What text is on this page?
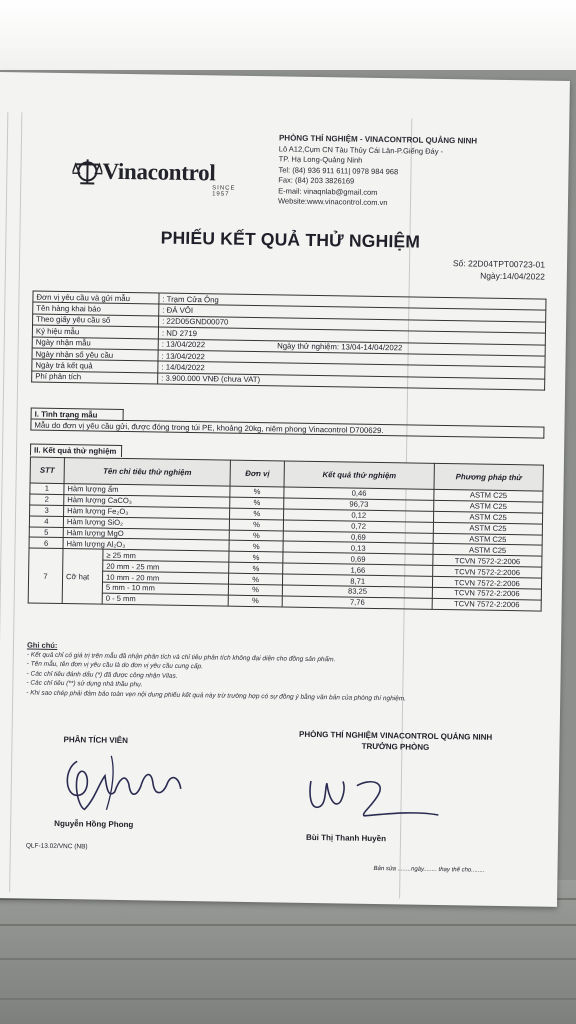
Vinacontrol
SINCE 1957
PHÒNG THÍ NGHIỆM - VINACONTROL QUẢNG NINH
Lô A12,Cụm CN Tàu Thủy Cái Lân-P.Giếng Đáy -
TP. Hạ Long-Quảng Ninh
Tel: (84) 936 911 611| 0978 984 968
Fax: (84) 203 3826169
E-mail: vinaqnlab@gmail.com
Website:www.vinacontrol.com.vn
PHIẾU KẾT QUẢ THỬ NGHIỆM
Số: 22D04TPT00723-01
Ngày:14/04/2022
Đơn vị yêu cầu và gửi mẫu	: Trạm Cửa Ông
Tên hàng khai báo	: ĐÁ VÔI
Theo giấy yêu cầu số	: 22D05GND00070
Ký hiệu mẫu	: ND 2719
Ngày nhận mẫu	: 13/04/2022 Ngày thử nghiệm: 13/04-14/04/2022
Ngày nhận số yêu cầu	: 13/04/2022
Ngày trả kết quả	: 14/04/2022
Phí phân tích	: 3.900.000 VNĐ (chưa VAT)
I. Tình trạng mẫu	
Mẫu do đơn vị yêu cầu gửi, được đóng trong túi PE, khoảng 20kg, niêm phong Vinacontrol D700629.
II. Kết quả thử nghiệm
STT	Tên chỉ tiêu thử nghiệm		Đơn vị	Kết quả thử nghiệm	Phương pháp thử
1	Hàm lượng ẩm		%	0,46	ASTM C25
2	Hàm lượng CaCO₃		%	96,73	ASTM C25
3	Hàm lượng Fe₂O₃		%	0,12	ASTM C25
4	Hàm lượng SiO₂		%	0,72	ASTM C25
5	Hàm lượng MgO		%	0,69	ASTM C25
6	Hàm lượng Al₂O₃		%	0,13	ASTM C25
7	Cỡ hạt	≥ 25 mm	%	0,69	TCVN 7572-2:2006
		20 mm - 25 mm	%	1,66	TCVN 7572-2:2006
		10 mm - 20 mm	%	8,71	TCVN 7572-2:2006
		5 mm - 10 mm	%	83,25	TCVN 7572-2:2006
		0 - 5 mm	%	7,76	TCVN 7572-2:2006
Ghi chú:
- Kết quả chỉ có giá trị trên mẫu đã nhận phân tích và chỉ tiêu phân tích không đại diện cho đồng sản phẩm.
- Tên mẫu, tên đơn vị yêu cầu là do đơn vị yêu cầu cung cấp.
- Các chỉ tiêu đánh dấu (*) đã được công nhận Vilas.
- Các chỉ tiêu (**) sử dụng nhà thầu phụ.
- Khi sao chép phải đảm bảo toàn vẹn nội dung phiếu kết quả này trừ trường hợp có sự đồng ý bằng văn bản của phòng thí nghiệm.
PHÂN TÍCH VIÊN	PHÒNG THÍ NGHIỆM VINACONTROL QUẢNG NINH
TRƯỞNG PHÒNG
Nguyễn Hồng Phong
Bùi Thị Thanh Huyền
QLF-13.02/VNC (NB)
Bản sửa ........ngày........ thay thế cho........
